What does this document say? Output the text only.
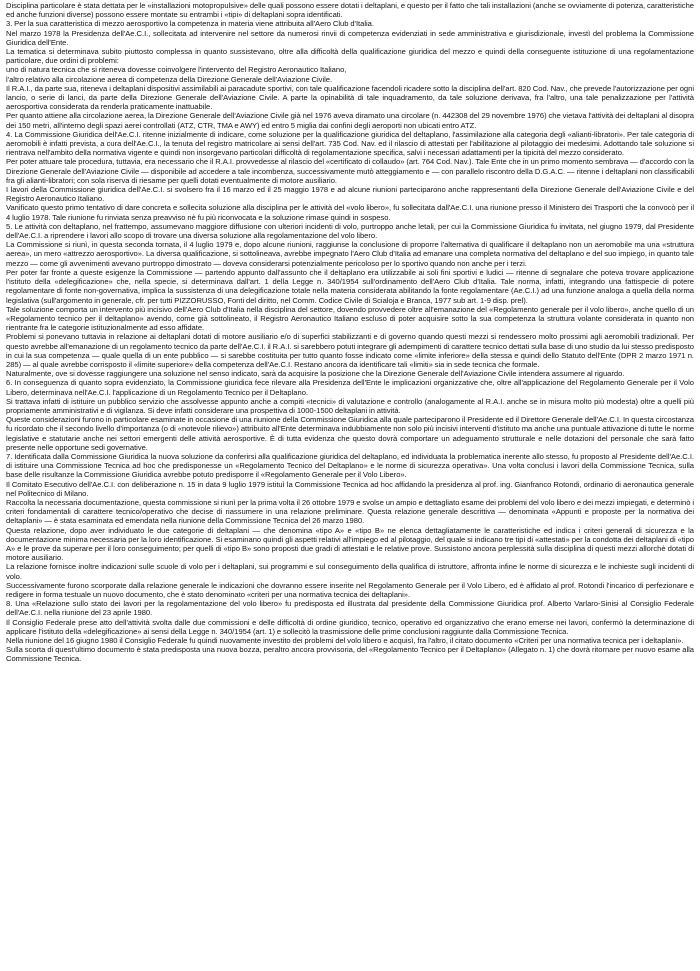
Disciplina particolare è stata dettata per le «installazioni motopropulsive» delle quali possono essere dotati i deltaplani, e questo per il fatto che tali installazioni (anche se ovviamente di potenza, caratteristiche ed anche funzioni diverse) possono essere montate su entrambi i «tipi» di deltaplani sopra identificati.

3. Per la sua caratteristica di mezzo aerosportivo la competenza in materia viene attribuita all'Aero Club d'Italia.

Nel marzo 1978 la Presidenza dell'Ae.C.I., sollecitata ad intervenire nel settore da numerosi rinvii di competenza evidenziati in sede amministrativa e giurisdizionale, investì del problema la Commissione Giuridica dell'Ente.

La tematica si determinava subito piuttosto complessa in quanto sussistevano, oltre alla difficoltà della qualificazione giuridica del mezzo e quindi della conseguente istituzione di una regolamentazione particolare, due ordini di problemi:

uno di natura tecnica che si riteneva dovesse coinvolgere l'intervento del Registro Aeronautico Italiano,

l'altro relativo alla circolazione aerea di competenza della Direzione Generale dell'Aviazione Civile.

Il R.A.I., da parte sua, riteneva i deltaplani dispositivi assimilabili ai paracadute sportivi, con tale qualificazione facendoli ricadere sotto la disciplina dell'art. 820 Cod. Nav., che prevede l'autorizzazione per ogni lancio, o serie di lanci, da parte della Direzione Generale dell'Aviazione Civile. A parte la opinabilità di tale inquadramento, da tale soluzione derivava, fra l'altro, una tale penalizzazione per l'attività aerosportiva considerata da renderla praticamente inattuabile.

Per quanto attiene alla circolazione aerea, la Direzione Generale dell'Aviazione Civile già nel 1976 aveva diramato una circolare (n. 442308 del 29 novembre 1976) che vietava l'attività dei deltaplani al disopra dei 150 metri, all'interno degli spazi aerei controllati (ATZ, CTR, TMA e AWY) ed entro 5 miglia dai confini degli aeroporti non ubicati entro ATZ.

4. La Commissione Giuridica dell'Ae.C.I. ritenne inizialmente di indicare, come soluzione per la qualificazione giuridica del deltaplano, l'assimilazione alla categoria degli «alianti-libratori». Per tale categoria di aeromobili è infatti prevista, a cura dell'Ae.C.I., la tenuta del registro matricolare ai sensi dell'art. 735 Cod. Nav. ed il rilascio di attestati per l'abilitazione al pilotaggio dei medesimi. Adottando tale soluzione si rientrava nell'ambito della normativa vigente e quindi non insorgevano particolari difficoltà di regolamentazione specifica, salvi i necessari adattamenti per la tipicità del mezzo considerato.

Per poter attuare tale procedura, tuttavia, era necessario che il R.A.I. provvedesse al rilascio del «certificato di collaudo» (art. 764 Cod. Nav.). Tale Ente che in un primo momento sembrava — d'accordo con la Direzione Generale dell'Aviazione Civile — disponibile ad accedere a tale incombenza, successivamente mutò atteggiamento e — con parallelo riscontro della D.G.A.C. — ritenne i deltaplani non classificabili fra gli alianti-libratori; con sola riserva di riesame per quelli dotati eventualmente di motore ausiliario.

I lavori della Commissione giuridica dell'Ae.C.I. si svolsero fra il 16 marzo ed il 25 maggio 1978 e ad alcune riunioni parteciparono anche rappresentanti della Direzione Generale dell'Aviazione Civile e del Registro Aeronautico Italiano.

Vanificato questo primo tentativo di dare concreta e sollecita soluzione alla disciplina per le attività del «volo libero», fu sollecitata dall'Ae.C.I. una riunione presso il Ministero dei Trasporti che la convocò per il 4 luglio 1978. Tale riunione fu rinviata senza preavviso nè fu più riconvocata e la soluzione rimase quindi in sospeso.

5. Le attività con deltaplano, nel frattempo, assumevano maggiore diffusione con ulteriori incidenti di volo, purtroppo anche letali, per cui la Commissione Giuridica fu invitata, nel giugno 1979, dal Presidente dell'Ae.C.I. a riprendere i lavori allo scopo di trovare una diversa soluzione alla regolamentazione del volo libero.

La Commissione si riunì, in questa seconda tornata, il 4 luglio 1979 e, dopo alcune riunioni, raggiunse la conclusione di proporre l'alternativa di qualificare il deltaplano non un aeromobile ma una «struttura aerea», un mero «attrezzo aerosportivo». La diversa qualificazione, si sottolineava, avrebbe impegnato l'Aero Club d'Italia ad emanare una completa normativa del deltaplano e del suo impiego, in quanto tale mezzo — come gli avvenimenti avevano purtroppo dimostrato — doveva considerarsi potenzialmente pericoloso per lo sportivo quando non anche per i terzi.

Per poter far fronte a queste esigenze la Commissione — partendo appunto dall'assunto che il deltaplano era utilizzabile ai soli fini sportivi e ludici — ritenne di segnalare che poteva trovare applicazione l'istituto della «delegificazione» che, nella specie, si determinava dall'art. 1 della Legge n. 340/1954 sull'ordinamento dell'Aero Club d'Italia. Tale norma, infatti, integrando una fattispecie di potere regolamentare di fonte non-governativa, implica la sussistenza di una delegificazione totale nella materia considerata abilitando la fonte regolamentare (Ae.C.I.) ad una funzione analoga a quella della norma legislativa (sull'argomento in generale, cfr. per tutti PIZZORUSSO, Fonti del diritto, nel Comm. Codice Civile di Scialoja e Branca, 1977 sub art. 1-9 disp. prel).

Tale soluzione comporta un intervento più incisivo dell'Aero Club d'Italia nella disciplina del settore, dovendo provvedere oltre all'emanazione del «Regolamento generale per il volo libero», anche quello di un «Regolamento tecnico per il deltaplano» avendo, come già sottolineato, il Registro Aeronautico Italiano escluso di poter acquisire sotto la sua competenza la struttura volante considerata in quanto non rientrante fra le categorie istituzionalmente ad esso affidate.

Problemi si ponevano tuttavia in relazione ai deltaplani dotati di motore ausiliario e/o di superfici stabilizzanti e di governo quando questi mezzi si rendessero molto prossimi agli aeromobili tradizionali. Per questo avrebbe all'emanazione di un regolamento tecnico da parte dell'Ae.C.I. il R.A.I. si sarebbero potuti integrare gli adempimenti di carattere tecnico dettati sulla base di uno studio da lui stesso predisposto in cui la sua competenza — quale quella di un ente pubblico — si sarebbe costituita per tutto quanto fosse indicato come «limite inferiore» della stessa e quindi dello Statuto dell'Ente (DPR 2 marzo 1971 n. 285) — al quale avrebbe corrisposto il «limite superiore» della competenza dell'Ae.C.I. Restano ancora da identificare tali «limiti» sia in sede tecnica che formale.

Naturalmente, ove si dovesse raggiungere una soluzione nel senso indicato, sarà da acquisire la posizione che la Direzione Generale dell'Aviazione Civile intendera assumere al riguardo.

6. In conseguenza di quanto sopra evidenziato, la Commissione giuridica fece rilevare alla Presidenza dell'Ente le implicazioni organizzative che, oltre all'applicazione del Regolamento Generale per il Volo Libero, determinava nell'Ae.C.I. l'applicazione di un Regolamento Tecnico per il Deltaplano.

Si trattava infatti di istituire un pubblico servizio che assolvesse appunto anche a compiti «tecnici» di valutazione e controllo (analogamente al R.A.I. anche se in misura molto più modesta) oltre a quelli più propriamente amministrativi e di vigilanza. Si deve infatti considerare una prospettiva di 1000-1500 deltaplani in attività.

Queste considerazioni furono in particolare esaminate in occasione di una riunione della Commissione Giuridica alla quale parteciparono il Presidente ed il Direttore Generale dell'Ae.C.I. In questa circostanza fu ricordato che il secondo livello d'importanza (o di «notevole rilievo») attribuito all'Ente determinava indubbiamente non solo più incisivi interventi d'istituto ma anche una puntuale attivazione di tutte le norme legislative e statutarie anche nei settori emergenti delle attività aerosportive. È di tutta evidenza che questo dovrà comportare un adeguamento strutturale e nelle dotazioni del personale che sarà fatto presente nelle opportune sedi governative.

7. Identificata dalla Commissione Giuridica la nuova soluzione da conferirsi alla qualificazione giuridica del deltaplano, ed individuata la problematica inerente allo stesso, fu proposto al Presidente dell'Ae.C.I. di istituire una Commissione Tecnica ad hoc che predisponesse un «Regolamento Tecnico del Deltaplano» e le norme di sicurezza operativa». Una volta conclusi i lavori della Commissione Tecnica, sulla base delle risultanze la Commissione Giuridica avrebbe potuto predisporre il «Regolamento Generale per il Volo Libero».

Il Comitato Esecutivo dell'Ae.C.I. con deliberazione n. 15 in data 9 luglio 1979 istituì la Commissione Tecnica ad hoc affidando la presidenza al prof. ing. Gianfranco Rotondi, ordinario di aeronautica generale nel Politecnico di Milano.

Raccolta la necessaria documentazione, questa commissione si riunì per la prima volta il 26 ottobre 1979 e svolse un ampio e dettagliato esame dei problemi del volo libero e dei mezzi impiegati, e determinò i criteri fondamentali di carattere tecnico/operativo che decise di riassumere in una relazione preliminare. Questa relazione generale descrittiva — denominata «Appunti e proposte per la normativa dei deltaplani» — è stata esaminata ed emendata nella riunione della Commissione Tecnica del 26 marzo 1980.

Questa relazione, dopo aver individuato le due categorie di deltaplani — che denomina «tipo A» e «tipo B» ne elenca dettagliatamente le caratteristiche ed indica i criteri generali di sicurezza e la documentazione minima necessaria per la loro identificazione. Si esaminano quindi gli aspetti relativi all'impiego ed al pilotaggio, del quale si indicano tre tipi di «attestati» per la condotta dei deltaplani di «tipo A» e le prove da superare per il loro conseguimento; per quelli di «tipo B» sono proposti due gradi di attestati e le relative prove. Sussistono ancora perplessità sulla disciplina di questi mezzi allorchè dotati di motore ausiliario.

La relazione fornisce inoltre indicazioni sulle scuole di volo per i deltaplani, sui programmi e sul conseguimento della qualifica di istruttore, affronta infine le norme di sicurezza e le inchieste sugli incidenti di volo.

Successivamente furono scorporate dalla relazione generale le indicazioni che dovranno essere inserite nel Regolamento Generale per il Volo Libero, ed è affidato al prof. Rotondi l'incarico di perfezionare e redigere in forma testuale un nuovo documento, che è stato denominato «criteri per una normativa tecnica dei deltaplani».

8. Una «Relazione sullo stato dei lavori per la regolamentazione del volo libero» fu predisposta ed illustrata dal presidente della Commissione Giuridica prof. Alberto Varlaro-Sinisi al Consiglio Federale dell'Ae.C.I. nella riunione del 23 aprile 1980.

Il Consiglio Federale prese atto dell'attività svolta dalle due commissioni e delle difficoltà di ordine giuridico, tecnico, operativo ed organizzativo che erano emerse nei lavori, confermò la determinazione di applicare l'istituto della «delegificazione» ai sensi della Legge n. 340/1954 (art. 1) e sollecitò la trasmissione delle prime conclusioni raggiunte dalla Commissione Tecnica.

Nella riunione del 16 giugno 1980 il Consiglio Federale fu quindi nuovamente investito dei problemi del volo libero e acquisì, fra l'altro, il citato documento «Criteri per una normativa tecnica per i deltaplani».

Sulla scorta di quest'ultimo documento è stata predisposta una nuova bozza, peraltro ancora provvisoria, del «Regolamento Tecnico per il Deltaplano» (Allegato n. 1) che dovrà ritornare per nuovo esame alla Commissione Tecnica.
